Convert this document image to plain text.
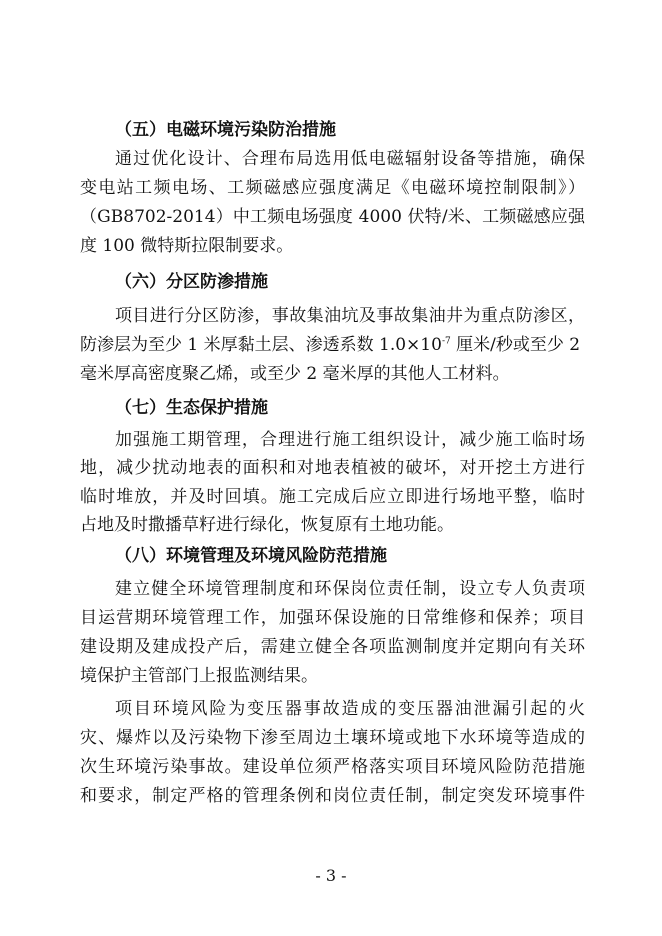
（五）电磁环境污染防治措施
通过优化设计、合理布局选用低电磁辐射设备等措施，确保
变电站工频电场、工频磁感应强度满足《电磁环境控制限制》）
（GB8702-2014）中工频电场强度 4000 伏特/米、工频磁感应强
度 100 微特斯拉限制要求。
（六）分区防渗措施
项目进行分区防渗，事故集油坑及事故集油井为重点防渗区，
防渗层为至少 1 米厚黏土层、渗透系数 $1.0\times 10^{-7}$ 厘米/秒或至少 2
毫米厚高密度聚乙烯，或至少 2 毫米厚的其他人工材料。
（七）生态保护措施
加强施工期管理，合理进行施工组织设计，减少施工临时场
地，减少扰动地表的面积和对地表植被的破坏，对开挖土方进行
临时堆放，并及时回填。施工完成后应立即进行场地平整，临时
占地及时撒播草籽进行绿化，恢复原有土地功能。
（八）环境管理及环境风险防范措施
建立健全环境管理制度和环保岗位责任制，设立专人负责项
目运营期环境管理工作，加强环保设施的日常维修和保养；项目
建设期及建成投产后，需建立健全各项监测制度并定期向有关环
境保护主管部门上报监测结果。
项目环境风险为变压器事故造成的变压器油泄漏引起的火
灾、爆炸以及污染物下渗至周边土壤环境或地下水环境等造成的
次生环境污染事故。建设单位须严格落实项目环境风险防范措施
和要求，制定严格的管理条例和岗位责任制，制定突发环境事件
- 3 -
